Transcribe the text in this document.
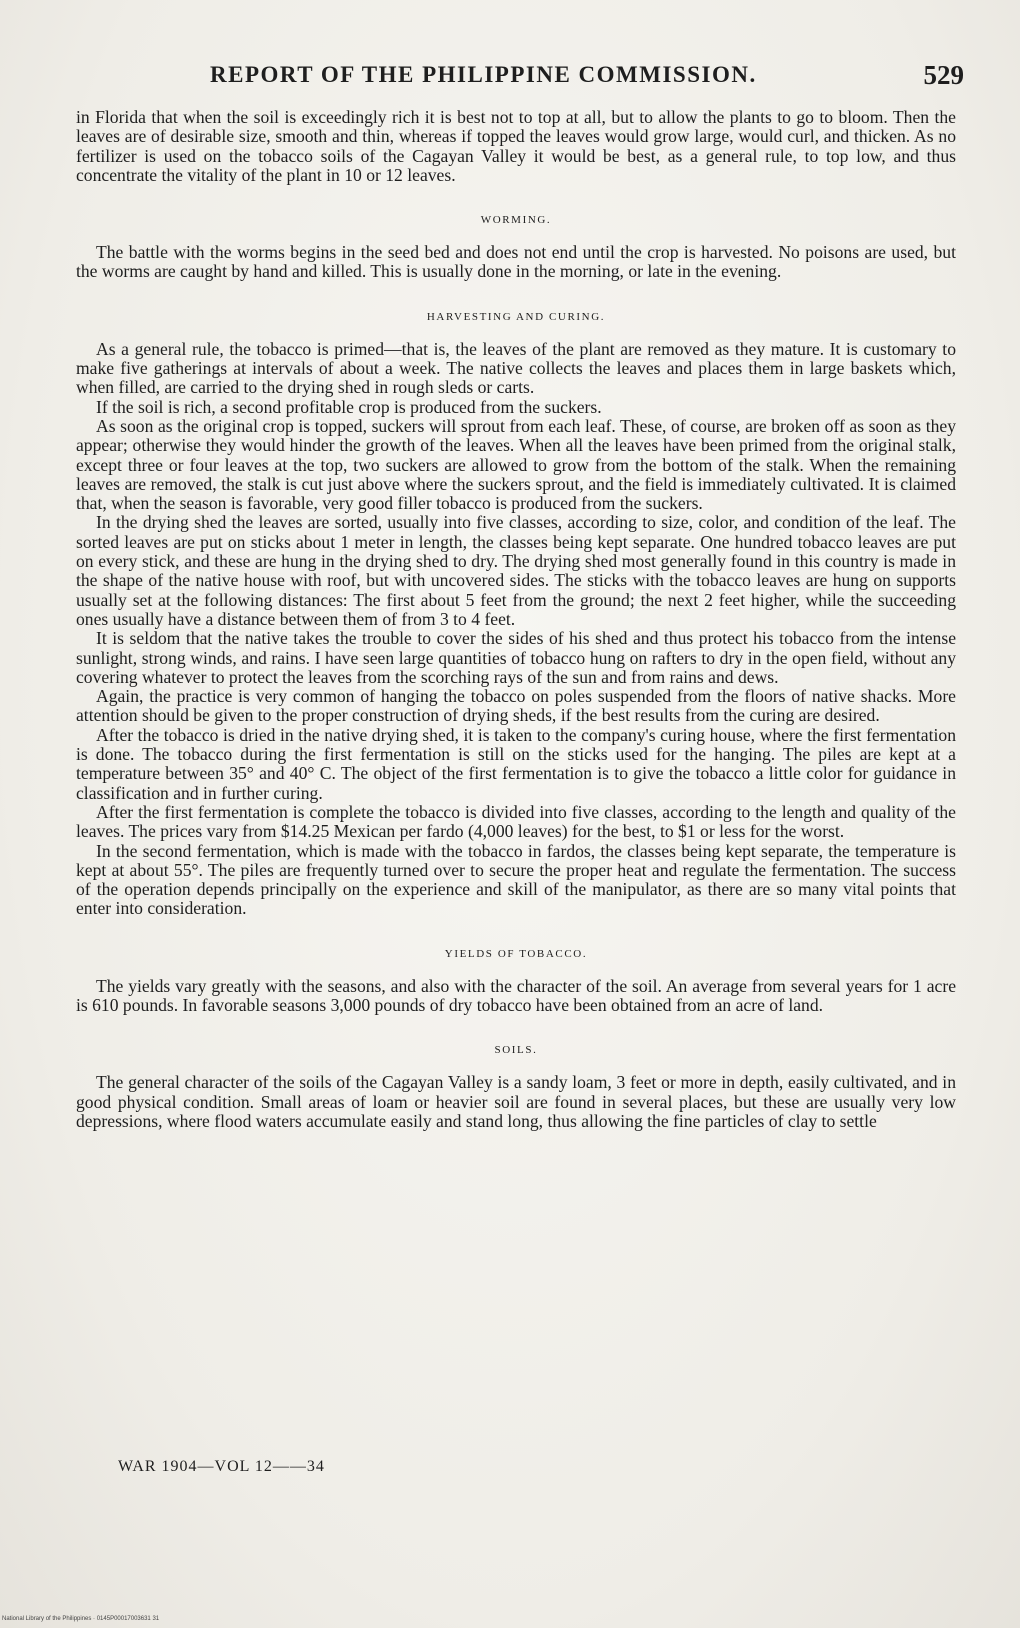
REPORT OF THE PHILIPPINE COMMISSION.	529

in Florida that when the soil is exceedingly rich it is best not to top at all, but to allow the plants to go to bloom. Then the leaves are of desirable size, smooth and thin, whereas if topped the leaves would grow large, would curl, and thicken. As no fertilizer is used on the tobacco soils of the Cagayan Valley it would be best, as a general rule, to top low, and thus concentrate the vitality of the plant in 10 or 12 leaves.

WORMING.

The battle with the worms begins in the seed bed and does not end until the crop is harvested. No poisons are used, but the worms are caught by hand and killed. This is usually done in the morning, or late in the evening.

HARVESTING AND CURING.

As a general rule, the tobacco is primed—that is, the leaves of the plant are removed as they mature. It is customary to make five gatherings at intervals of about a week. The native collects the leaves and places them in large baskets which, when filled, are carried to the drying shed in rough sleds or carts.

If the soil is rich, a second profitable crop is produced from the suckers.

As soon as the original crop is topped, suckers will sprout from each leaf. These, of course, are broken off as soon as they appear; otherwise they would hinder the growth of the leaves. When all the leaves have been primed from the original stalk, except three or four leaves at the top, two suckers are allowed to grow from the bottom of the stalk. When the remaining leaves are removed, the stalk is cut just above where the suckers sprout, and the field is immediately cultivated. It is claimed that, when the season is favorable, very good filler tobacco is produced from the suckers.

In the drying shed the leaves are sorted, usually into five classes, according to size, color, and condition of the leaf. The sorted leaves are put on sticks about 1 meter in length, the classes being kept separate. One hundred tobacco leaves are put on every stick, and these are hung in the drying shed to dry. The drying shed most generally found in this country is made in the shape of the native house with roof, but with uncovered sides. The sticks with the tobacco leaves are hung on supports usually set at the following distances: The first about 5 feet from the ground; the next 2 feet higher, while the succeeding ones usually have a distance between them of from 3 to 4 feet.

It is seldom that the native takes the trouble to cover the sides of his shed and thus protect his tobacco from the intense sunlight, strong winds, and rains. I have seen large quantities of tobacco hung on rafters to dry in the open field, without any covering whatever to protect the leaves from the scorching rays of the sun and from rains and dews.

Again, the practice is very common of hanging the tobacco on poles suspended from the floors of native shacks. More attention should be given to the proper construction of drying sheds, if the best results from the curing are desired.

After the tobacco is dried in the native drying shed, it is taken to the company's curing house, where the first fermentation is done. The tobacco during the first fermentation is still on the sticks used for the hanging. The piles are kept at a temperature between 35° and 40° C. The object of the first fermentation is to give the tobacco a little color for guidance in classification and in further curing.

After the first fermentation is complete the tobacco is divided into five classes, according to the length and quality of the leaves. The prices vary from $14.25 Mexican per fardo (4,000 leaves) for the best, to $1 or less for the worst.

In the second fermentation, which is made with the tobacco in fardos, the classes being kept separate, the temperature is kept at about 55°. The piles are frequently turned over to secure the proper heat and regulate the fermentation. The success of the operation depends principally on the experience and skill of the manipulator, as there are so many vital points that enter into consideration.

YIELDS OF TOBACCO.

The yields vary greatly with the seasons, and also with the character of the soil. An average from several years for 1 acre is 610 pounds. In favorable seasons 3,000 pounds of dry tobacco have been obtained from an acre of land.

SOILS.

The general character of the soils of the Cagayan Valley is a sandy loam, 3 feet or more in depth, easily cultivated, and in good physical condition. Small areas of loam or heavier soil are found in several places, but these are usually very low depressions, where flood waters accumulate easily and stand long, thus allowing the fine particles of clay to settle

WAR 1904—VOL 12——34
National Library of the Philippines · 0145P00017003631 31
